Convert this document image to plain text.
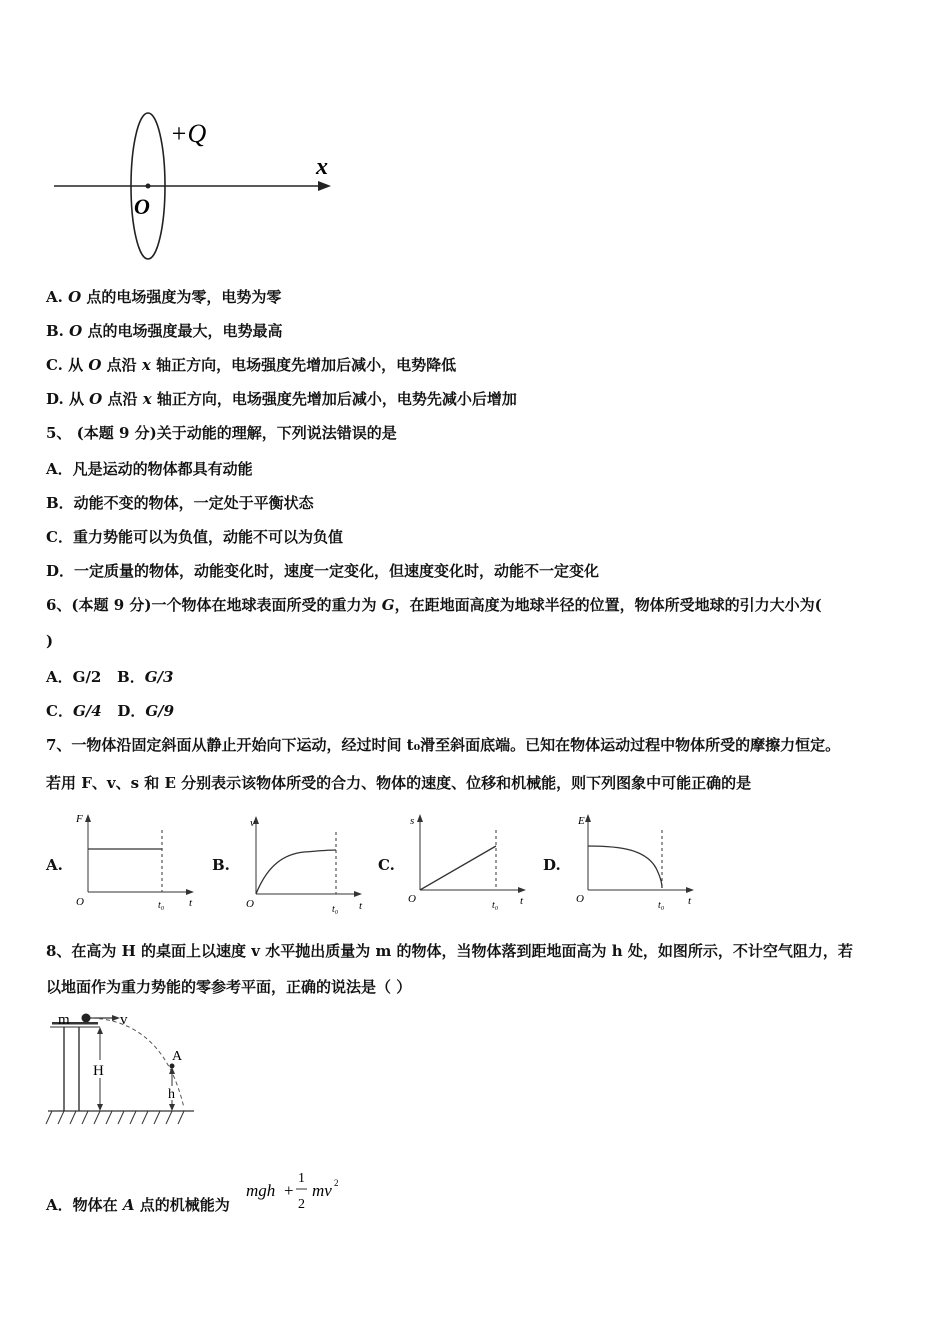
+Q
x
O
A. O 点的电场强度为零，电势为零
B. O 点的电场强度最大，电势最高
C. 从 O 点沿 x 轴正方向，电场强度先增加后减小，电势降低
D. 从 O 点沿 x 轴正方向，电场强度先增加后减小，电势先减小后增加
5、 (本题 9 分)关于动能的理解，下列说法错误的是
A．凡是运动的物体都具有动能
B．动能不变的物体，一定处于平衡状态
C．重力势能可以为负值，动能不可以为负值
D．一定质量的物体，动能变化时，速度一定变化，但速度变化时，动能不一定变化
6、(本题 9 分)一个物体在地球表面所受的重力为 G，在距地面高度为地球半径的位置，物体所受地球的引力大小为(
)
A．G/2 B．G/3
C．G/4 D．G/9
7、一物体沿固定斜面从静止开始向下运动，经过时间 t₀滑至斜面底端。已知在物体运动过程中物体所受的摩擦力恒定。
若用 F、v、s 和 E 分别表示该物体所受的合力、物体的速度、位移和机械能，则下列图象中可能正确的是
A.	B.	C.	D.
F
O	t
t₀
v
O	t
t₀
s
O	t
t₀
E
O	t
t₀
8、在高为 H 的桌面上以速度 v 水平抛出质量为 m 的物体，当物体落到距地面高为 h 处，如图所示，不计空气阻力，若
以地面作为重力势能的零参考平面，正确的说法是（ ）
m	v
H
A
h
A．物体在 A 点的机械能为
mgh +
1
2
mv 2
